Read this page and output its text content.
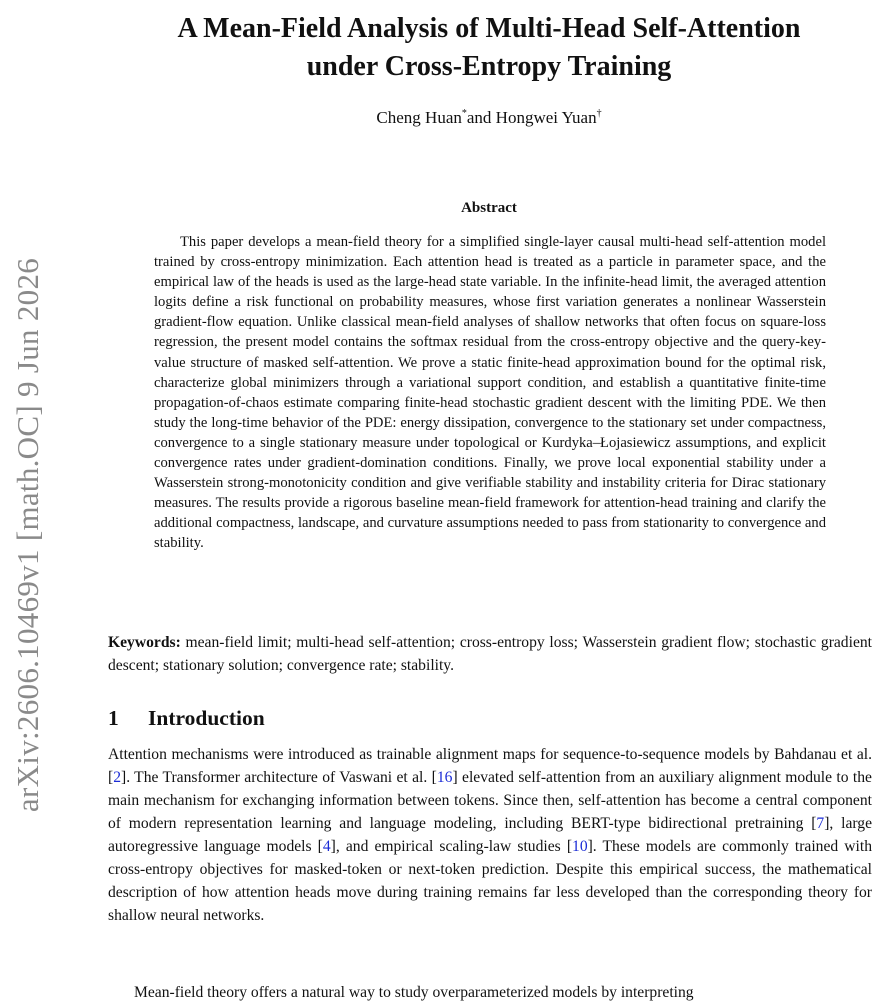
arXiv:2606.10469v1 [math.OC] 9 Jun 2026
A Mean-Field Analysis of Multi-Head Self-Attention
under Cross-Entropy Training
Cheng Huan*and Hongwei Yuan†
Abstract

This paper develops a mean-field theory for a simplified single-layer causal multi-head self-attention model trained by cross-entropy minimization. Each attention head is treated as a particle in parameter space, and the empirical law of the heads is used as the large-head state variable. In the infinite-head limit, the averaged attention logits define a risk functional on probability measures, whose first variation generates a nonlinear Wasserstein gradient-flow equation. Unlike classical mean-field analyses of shallow networks that often focus on square-loss regression, the present model contains the softmax residual from the cross-entropy objective and the query-key-value structure of masked self-attention. We prove a static finite-head approximation bound for the optimal risk, characterize global minimizers through a variational support condition, and establish a quantitative finite-time propagation-of-chaos estimate comparing finite-head stochastic gradient descent with the limiting PDE. We then study the long-time behavior of the PDE: energy dissipation, convergence to the stationary set under compactness, convergence to a single stationary measure under topological or Kurdyka–Łojasiewicz assumptions, and explicit convergence rates under gradient-domination conditions. Finally, we prove local exponential stability under a Wasserstein strong-monotonicity condition and give verifiable stability and instability criteria for Dirac stationary measures. The results provide a rigorous baseline mean-field framework for attention-head training and clarify the additional compactness, landscape, and curvature assumptions needed to pass from stationarity to convergence and stability.

Keywords: mean-field limit; multi-head self-attention; cross-entropy loss; Wasserstein gradient flow; stochastic gradient descent; stationary solution; convergence rate; stability.

1 Introduction

Attention mechanisms were introduced as trainable alignment maps for sequence-to-sequence models by Bahdanau et al. [2]. The Transformer architecture of Vaswani et al. [16] elevated self-attention from an auxiliary alignment module to the main mechanism for exchanging information between tokens. Since then, self-attention has become a central component of modern representation learning and language modeling, including BERT-type bidirectional pretraining [7], large autoregressive language models [4], and empirical scaling-law studies [10]. These models are commonly trained with cross-entropy objectives for masked-token or next-token prediction. Despite this empirical success, the mathematical description of how attention heads move during training remains far less developed than the corresponding theory for shallow neural networks.

Mean-field theory offers a natural way to study overparameterized models by interpreting
